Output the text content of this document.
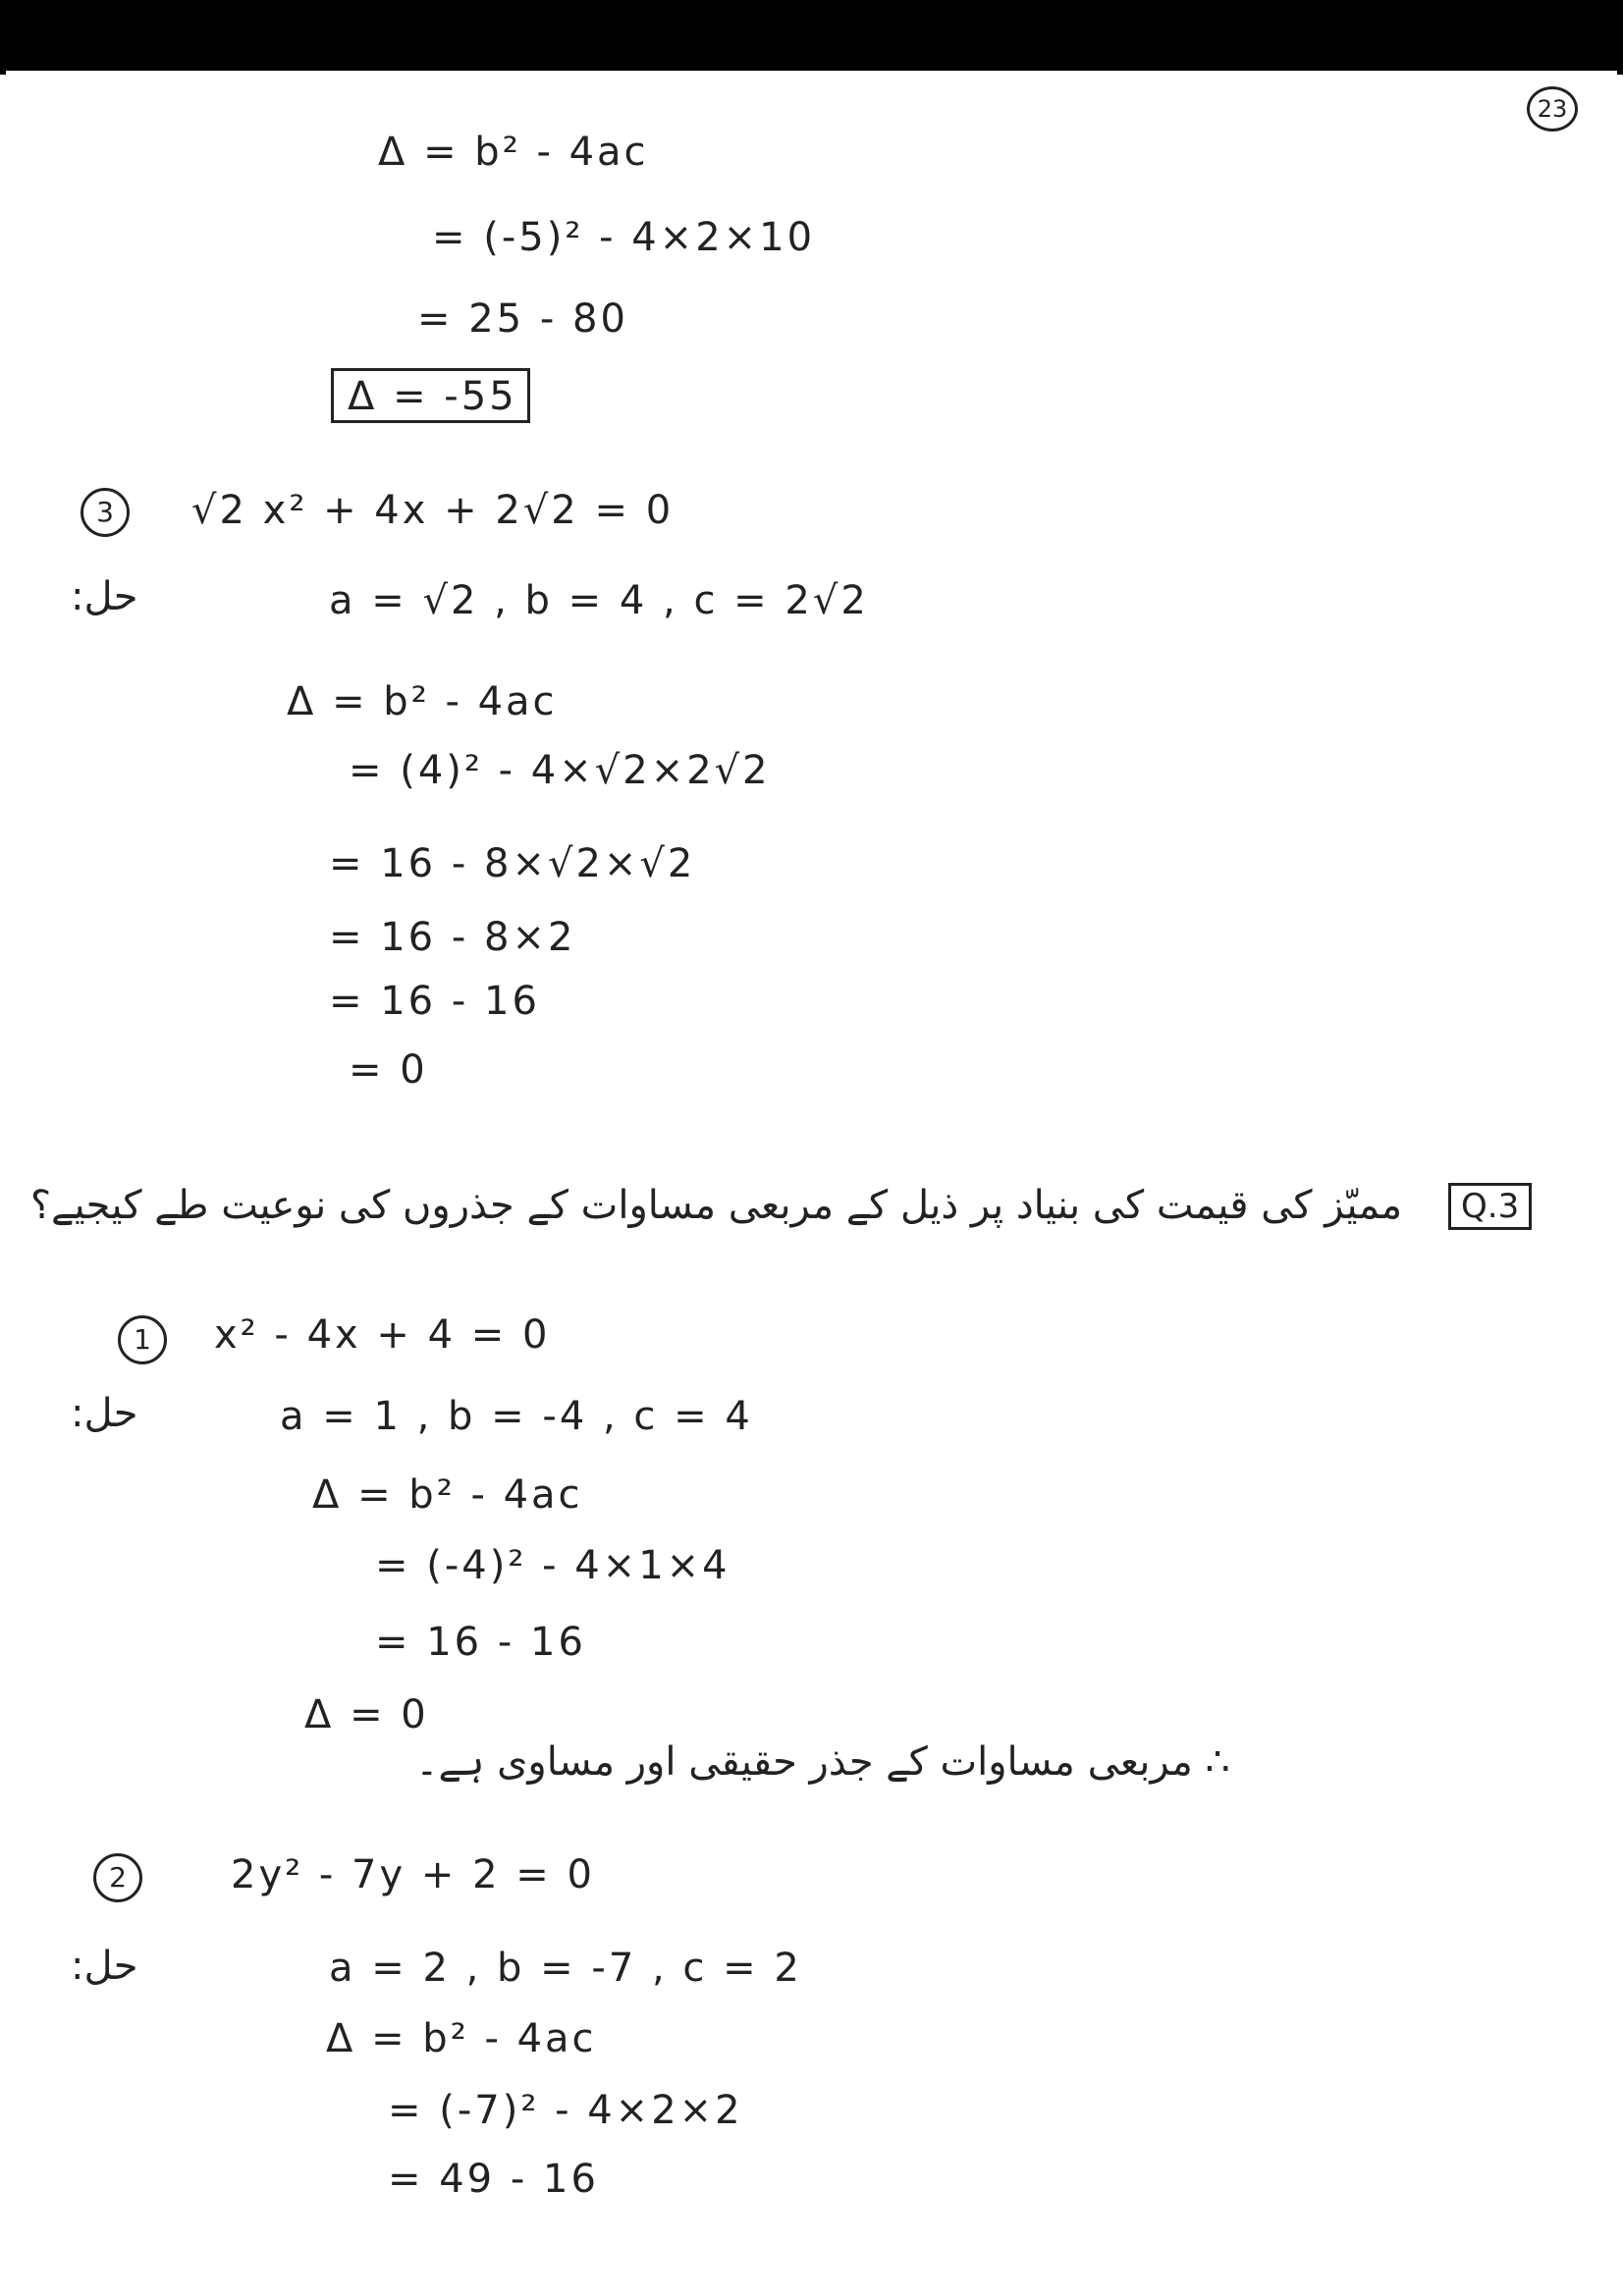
23
Δ = b² - 4ac
= (-5)² - 4×2×10
= 25 - 80
Δ = -55
3	√2 x² + 4x + 2√2 = 0
حل:	a = √2 , b = 4 , c = 2√2
Δ = b² - 4ac
= (4)² - 4×√2×2√2
= 16 - 8×√2×√2
= 16 - 8×2
= 16 - 16
= 0
Q.3
ممیّز کی قیمت کی بنیاد پر ذیل کے مربعی مساوات کے جذروں کی نوعیت طے کیجیے؟
1	x² - 4x + 4 = 0
حل:	a = 1 , b = -4 , c = 4
Δ = b² - 4ac
= (-4)² - 4×1×4
= 16 - 16
Δ = 0
∴ مربعی مساوات کے جذر حقیقی اور مساوی ہے۔
2	2y² - 7y + 2 = 0
حل:	a = 2 , b = -7 , c = 2
Δ = b² - 4ac
= (-7)² - 4×2×2
= 49 - 16
